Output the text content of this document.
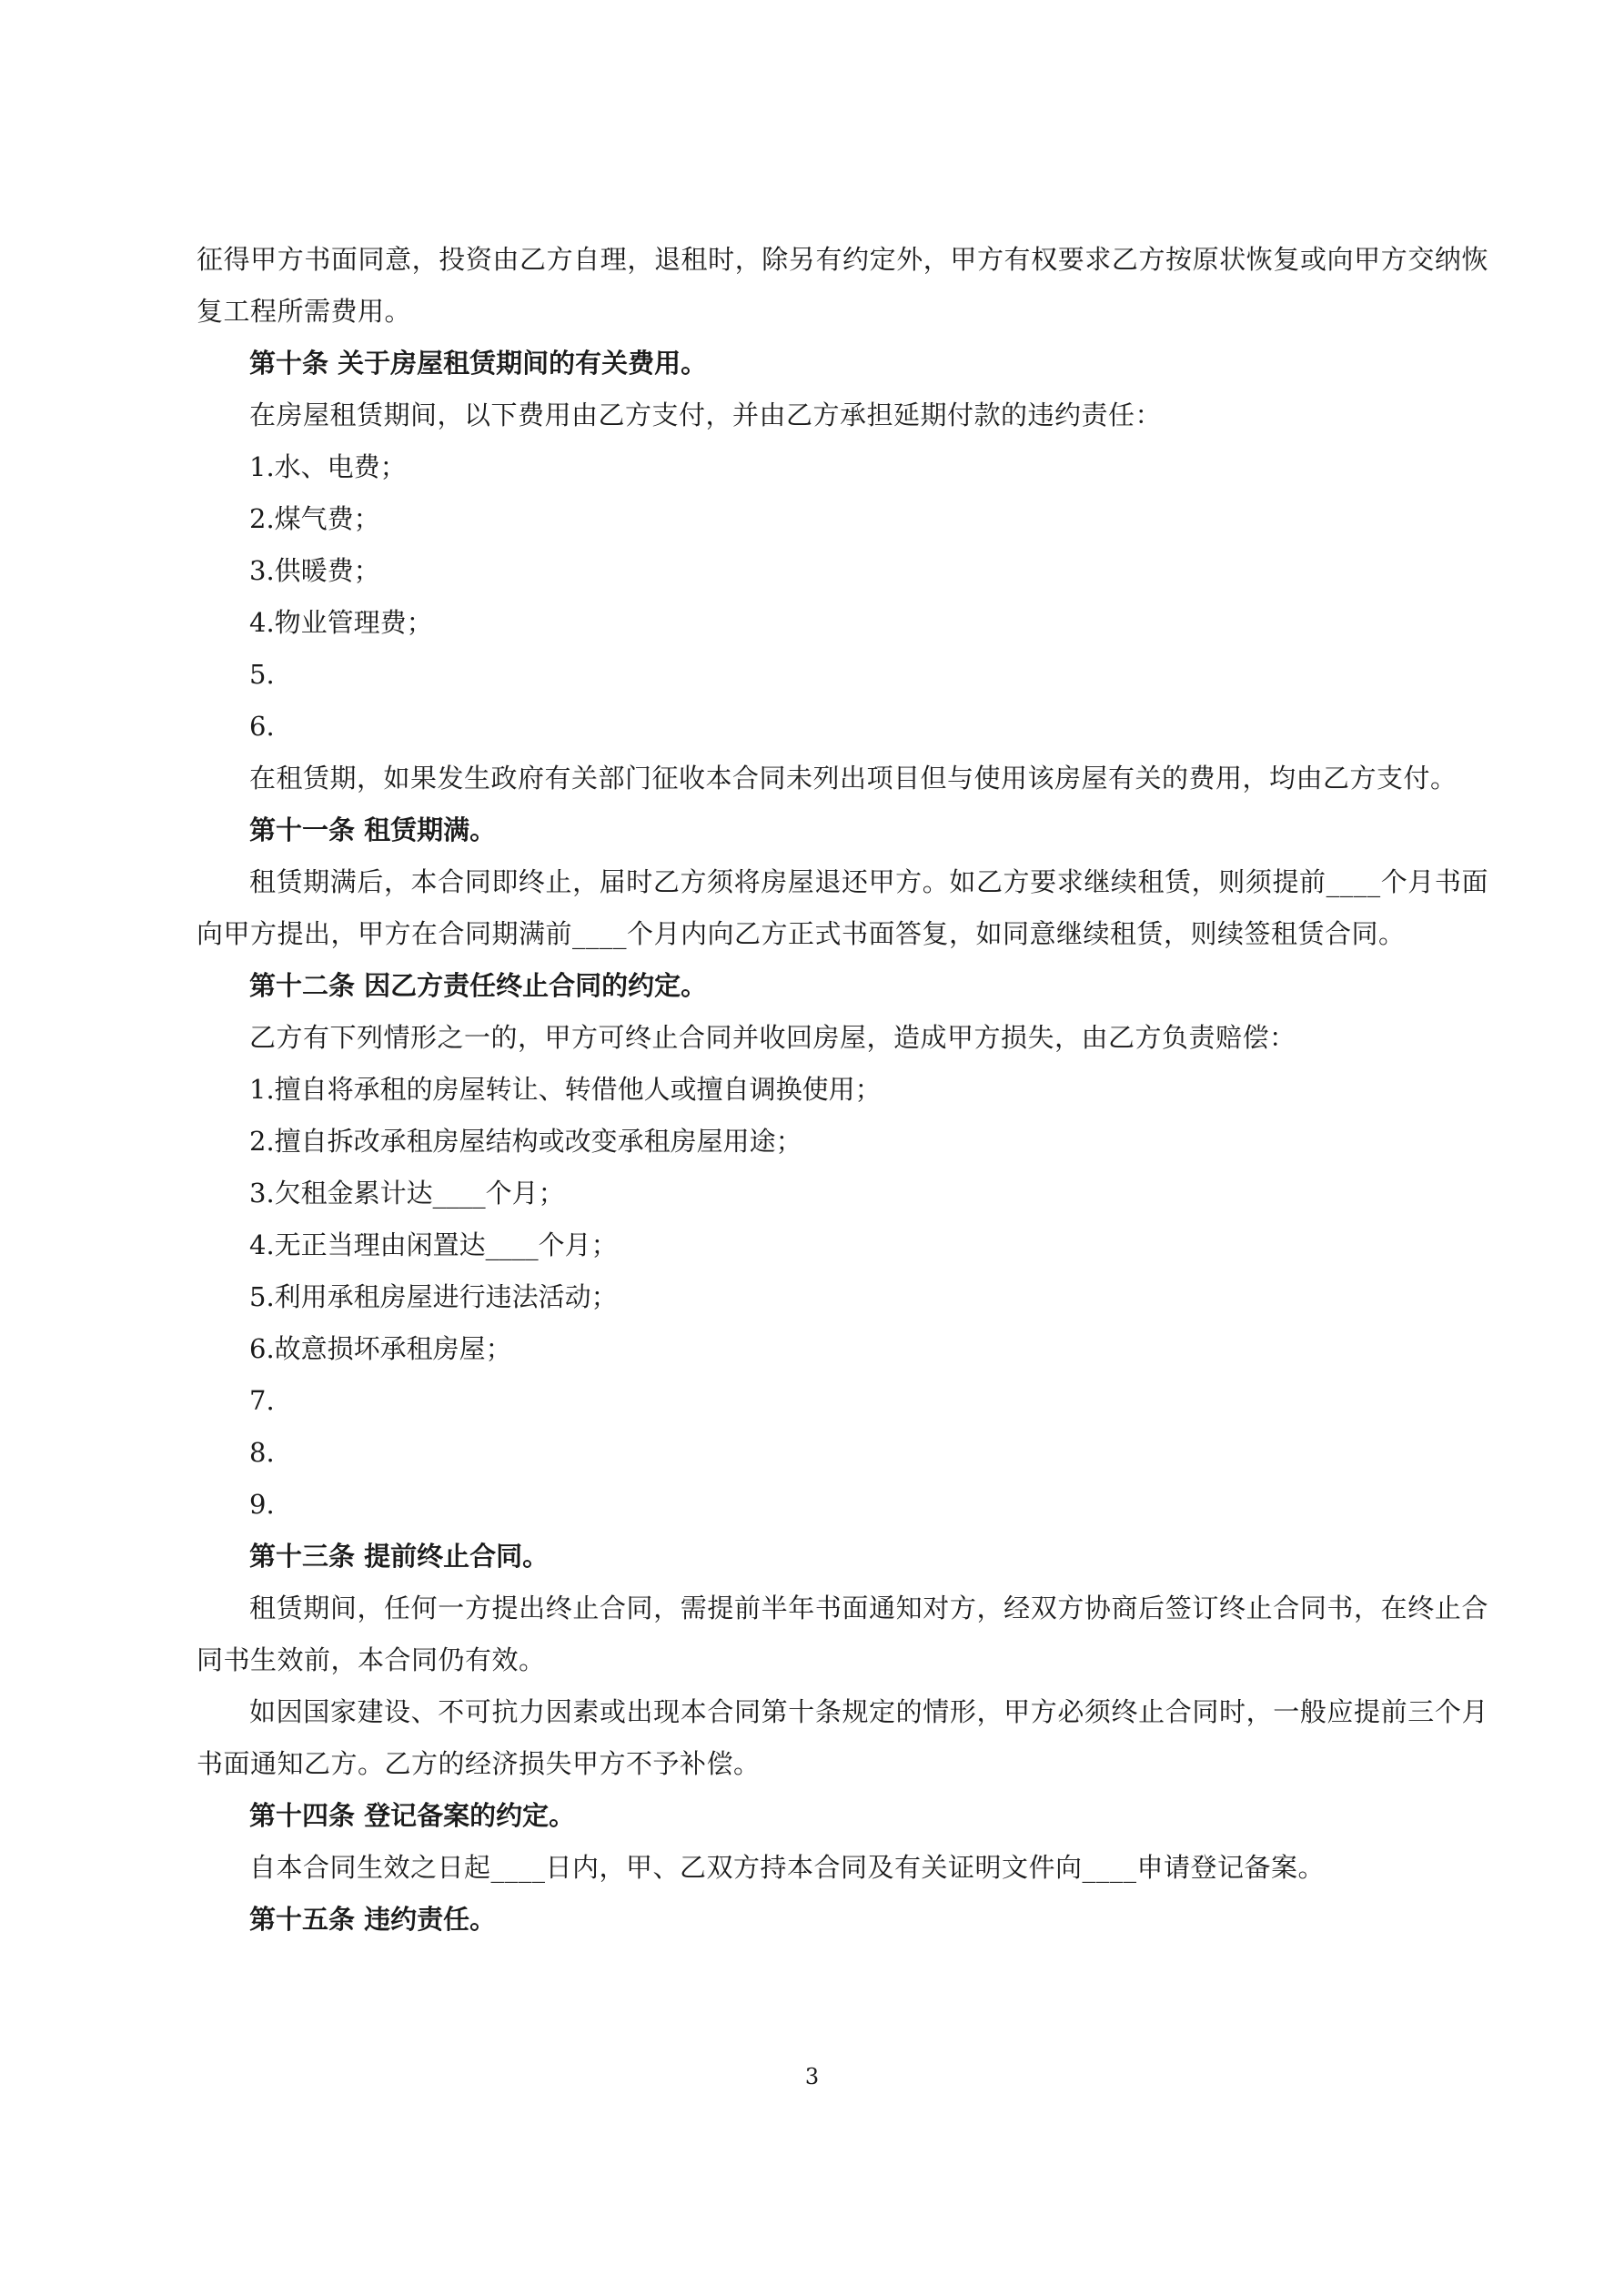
征得甲方书面同意，投资由乙方自理，退租时，除另有约定外，甲方有权要求乙方按原状恢复或向甲方交纳恢复工程所需费用。

第十条 关于房屋租赁期间的有关费用。

在房屋租赁期间，以下费用由乙方支付，并由乙方承担延期付款的违约责任：

1.水、电费；

2.煤气费；

3.供暖费；

4.物业管理费；

5.

6.

在租赁期，如果发生政府有关部门征收本合同未列出项目但与使用该房屋有关的费用，均由乙方支付。

第十一条 租赁期满。

租赁期满后，本合同即终止，届时乙方须将房屋退还甲方。如乙方要求继续租赁，则须提前____个月书面向甲方提出，甲方在合同期满前____个月内向乙方正式书面答复，如同意继续租赁，则续签租赁合同。

第十二条 因乙方责任终止合同的约定。

乙方有下列情形之一的，甲方可终止合同并收回房屋，造成甲方损失，由乙方负责赔偿：

1.擅自将承租的房屋转让、转借他人或擅自调换使用；

2.擅自拆改承租房屋结构或改变承租房屋用途；

3.欠租金累计达____个月；

4.无正当理由闲置达____个月；

5.利用承租房屋进行违法活动；

6.故意损坏承租房屋；

7.

8.

9.

第十三条 提前终止合同。

租赁期间，任何一方提出终止合同，需提前半年书面通知对方，经双方协商后签订终止合同书，在终止合同书生效前，本合同仍有效。

如因国家建设、不可抗力因素或出现本合同第十条规定的情形，甲方必须终止合同时，一般应提前三个月书面通知乙方。乙方的经济损失甲方不予补偿。

第十四条 登记备案的约定。

自本合同生效之日起____日内，甲、乙双方持本合同及有关证明文件向____申请登记备案。

第十五条 违约责任。

3
